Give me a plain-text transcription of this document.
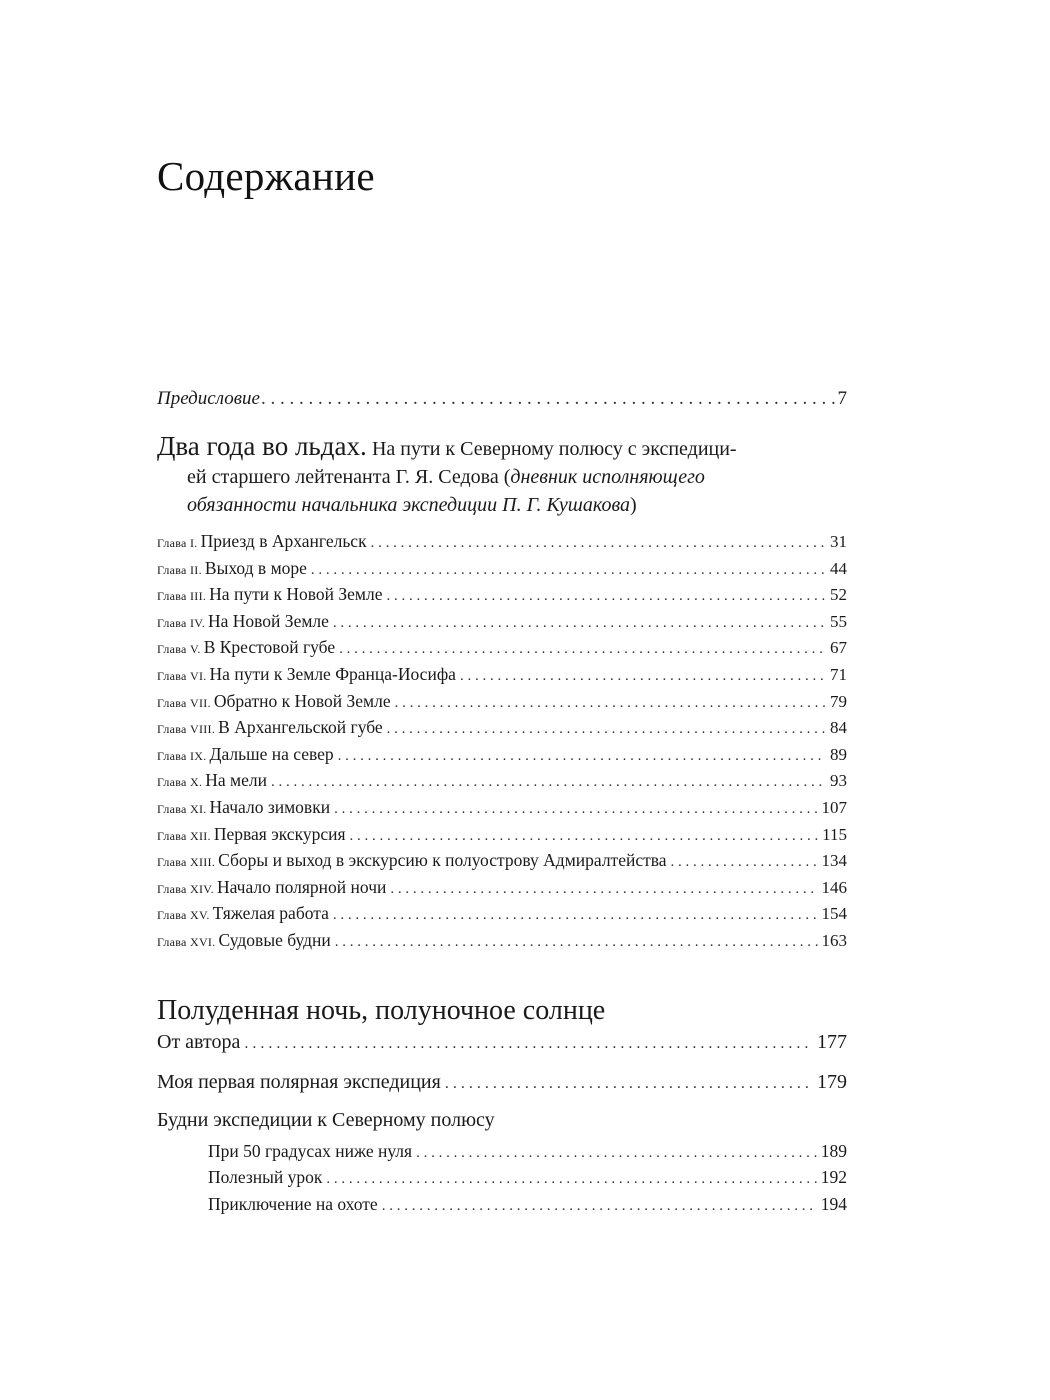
Содержание
Предисловие . . .	7
Два года во льдах. На пути к Северному полюсу с экспедици-
ей старшего лейтенанта Г. Я. Седова (дневник исполняющего
обязанности начальника экспедиции П. Г. Кушакова)
Глава I. Приезд в Архангельск . . .	31
Глава II. Выход в море . . .	44
Глава III. На пути к Новой Земле . . .	52
Глава IV. На Новой Земле . . .	55
Глава V. В Крестовой губе . . .	67
Глава VI. На пути к Земле Франца-Иосифа . . .	71
Глава VII. Обратно к Новой Земле . . .	79
Глава VIII. В Архангельской губе . . .	84
Глава IX. Дальше на север . . .	89
Глава X. На мели . . .	93
Глава XI. Начало зимовки . . .	107
Глава XII. Первая экскурсия . . .	115
Глава XIII. Сборы и выход в экскурсию к полуострову Адмиралтейства . . .	134
Глава XIV. Начало полярной ночи . . .	146
Глава XV. Тяжелая работа . . .	154
Глава XVI. Судовые будни . . .	163
Полуденная ночь, полуночное солнце
От автора . . .	177
Моя первая полярная экспедиция . . .	179
Будни экспедиции к Северному полюсу
При 50 градусах ниже нуля . . .	189
Полезный урок . . .	192
Приключение на охоте . . .	194
